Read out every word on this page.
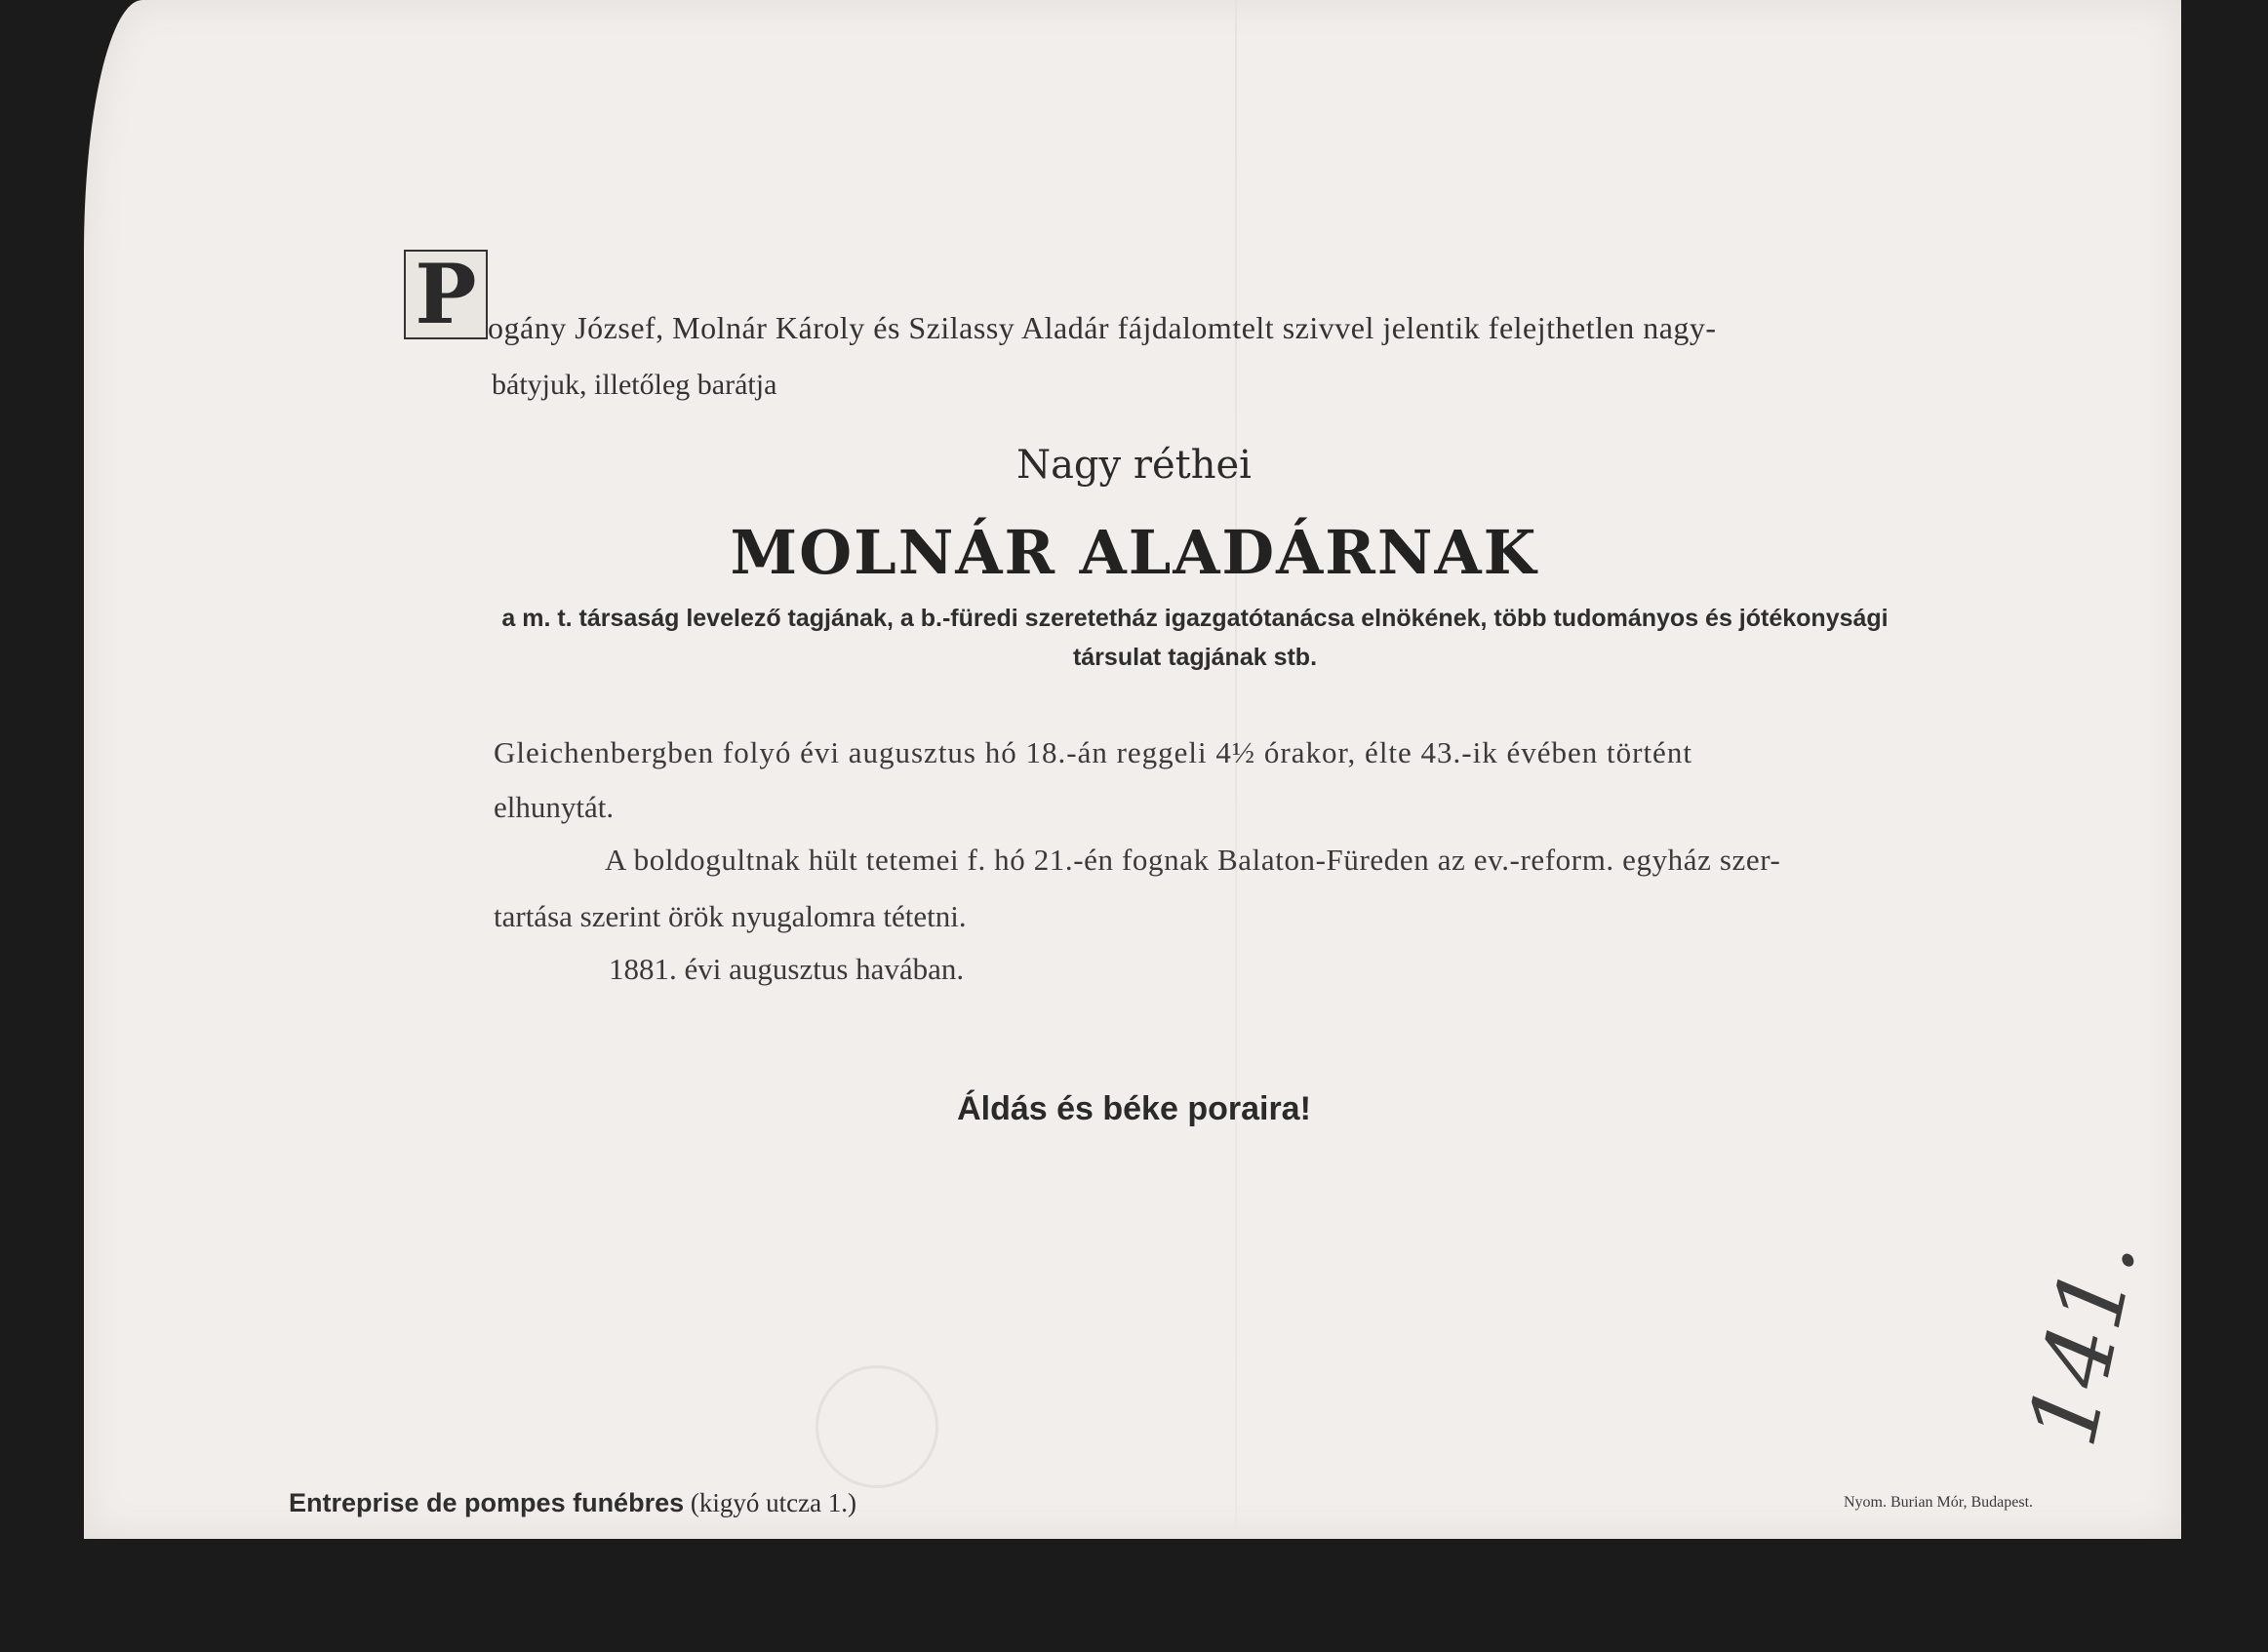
P ogány József, Molnár Károly és Szilassy Aladár fájdalomtelt szivvel jelentik felejthetlen nagy-
bátyjuk, illetőleg barátja
Nagy réthei
MOLNÁR ALADÁRNAK
a m. t. társaság levelező tagjának, a b.-füredi szeretetház igazgatótanácsa elnökének, több tudományos és jótékonysági társulat tagjának stb.
Gleichenbergben folyó évi augusztus hó 18.-án reggeli 4½ órakor, élte 43.-ik évében történt
elhunytát.
A boldogultnak hült tetemei f. hó 21.-én fognak Balaton-Füreden az ev.-reform. egyház szer-
tartása szerint örök nyugalomra tétetni.
1881. évi augusztus havában.
Áldás és béke poraira!
Entreprise de pompes funébres (kigyó utcza 1.)	Nyom. Burian Mór, Budapest.
141.
